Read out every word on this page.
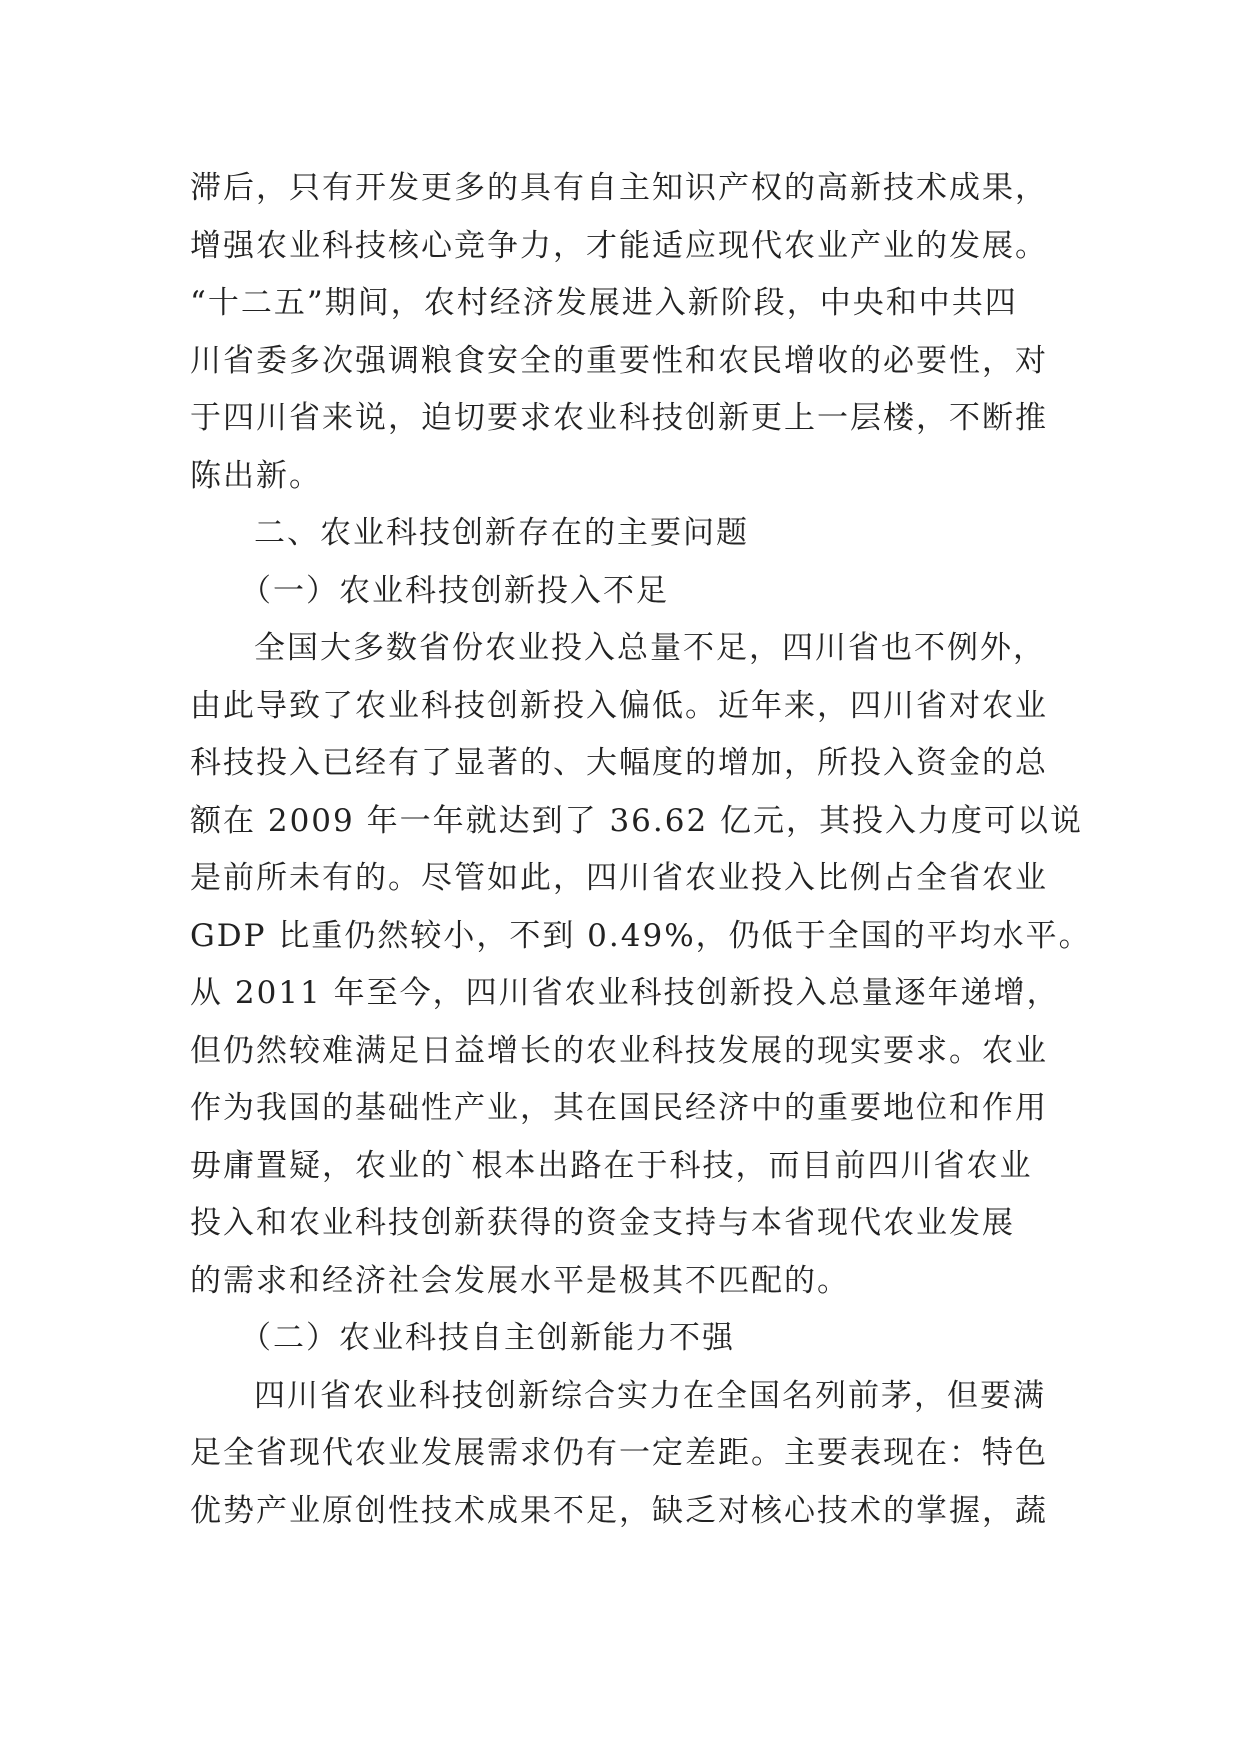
滞后，只有开发更多的具有自主知识产权的高新技术成果，
增强农业科技核心竞争力，才能适应现代农业产业的发展。
“十二五”期间，农村经济发展进入新阶段，中央和中共四
川省委多次强调粮食安全的重要性和农民增收的必要性，对
于四川省来说，迫切要求农业科技创新更上一层楼，不断推
陈出新。
二、农业科技创新存在的主要问题
（一）农业科技创新投入不足
全国大多数省份农业投入总量不足，四川省也不例外，
由此导致了农业科技创新投入偏低。近年来，四川省对农业
科技投入已经有了显著的、大幅度的增加，所投入资金的总
额在 2009 年一年就达到了 36.62 亿元，其投入力度可以说
是前所未有的。尽管如此，四川省农业投入比例占全省农业
GDP 比重仍然较小，不到 0.49%，仍低于全国的平均水平。
从 2011 年至今，四川省农业科技创新投入总量逐年递增，
但仍然较难满足日益增长的农业科技发展的现实要求。农业
作为我国的基础性产业，其在国民经济中的重要地位和作用
毋庸置疑，农业的`根本出路在于科技，而目前四川省农业
投入和农业科技创新获得的资金支持与本省现代农业发展
的需求和经济社会发展水平是极其不匹配的。
（二）农业科技自主创新能力不强
四川省农业科技创新综合实力在全国名列前茅，但要满
足全省现代农业发展需求仍有一定差距。主要表现在：特色
优势产业原创性技术成果不足，缺乏对核心技术的掌握，蔬
